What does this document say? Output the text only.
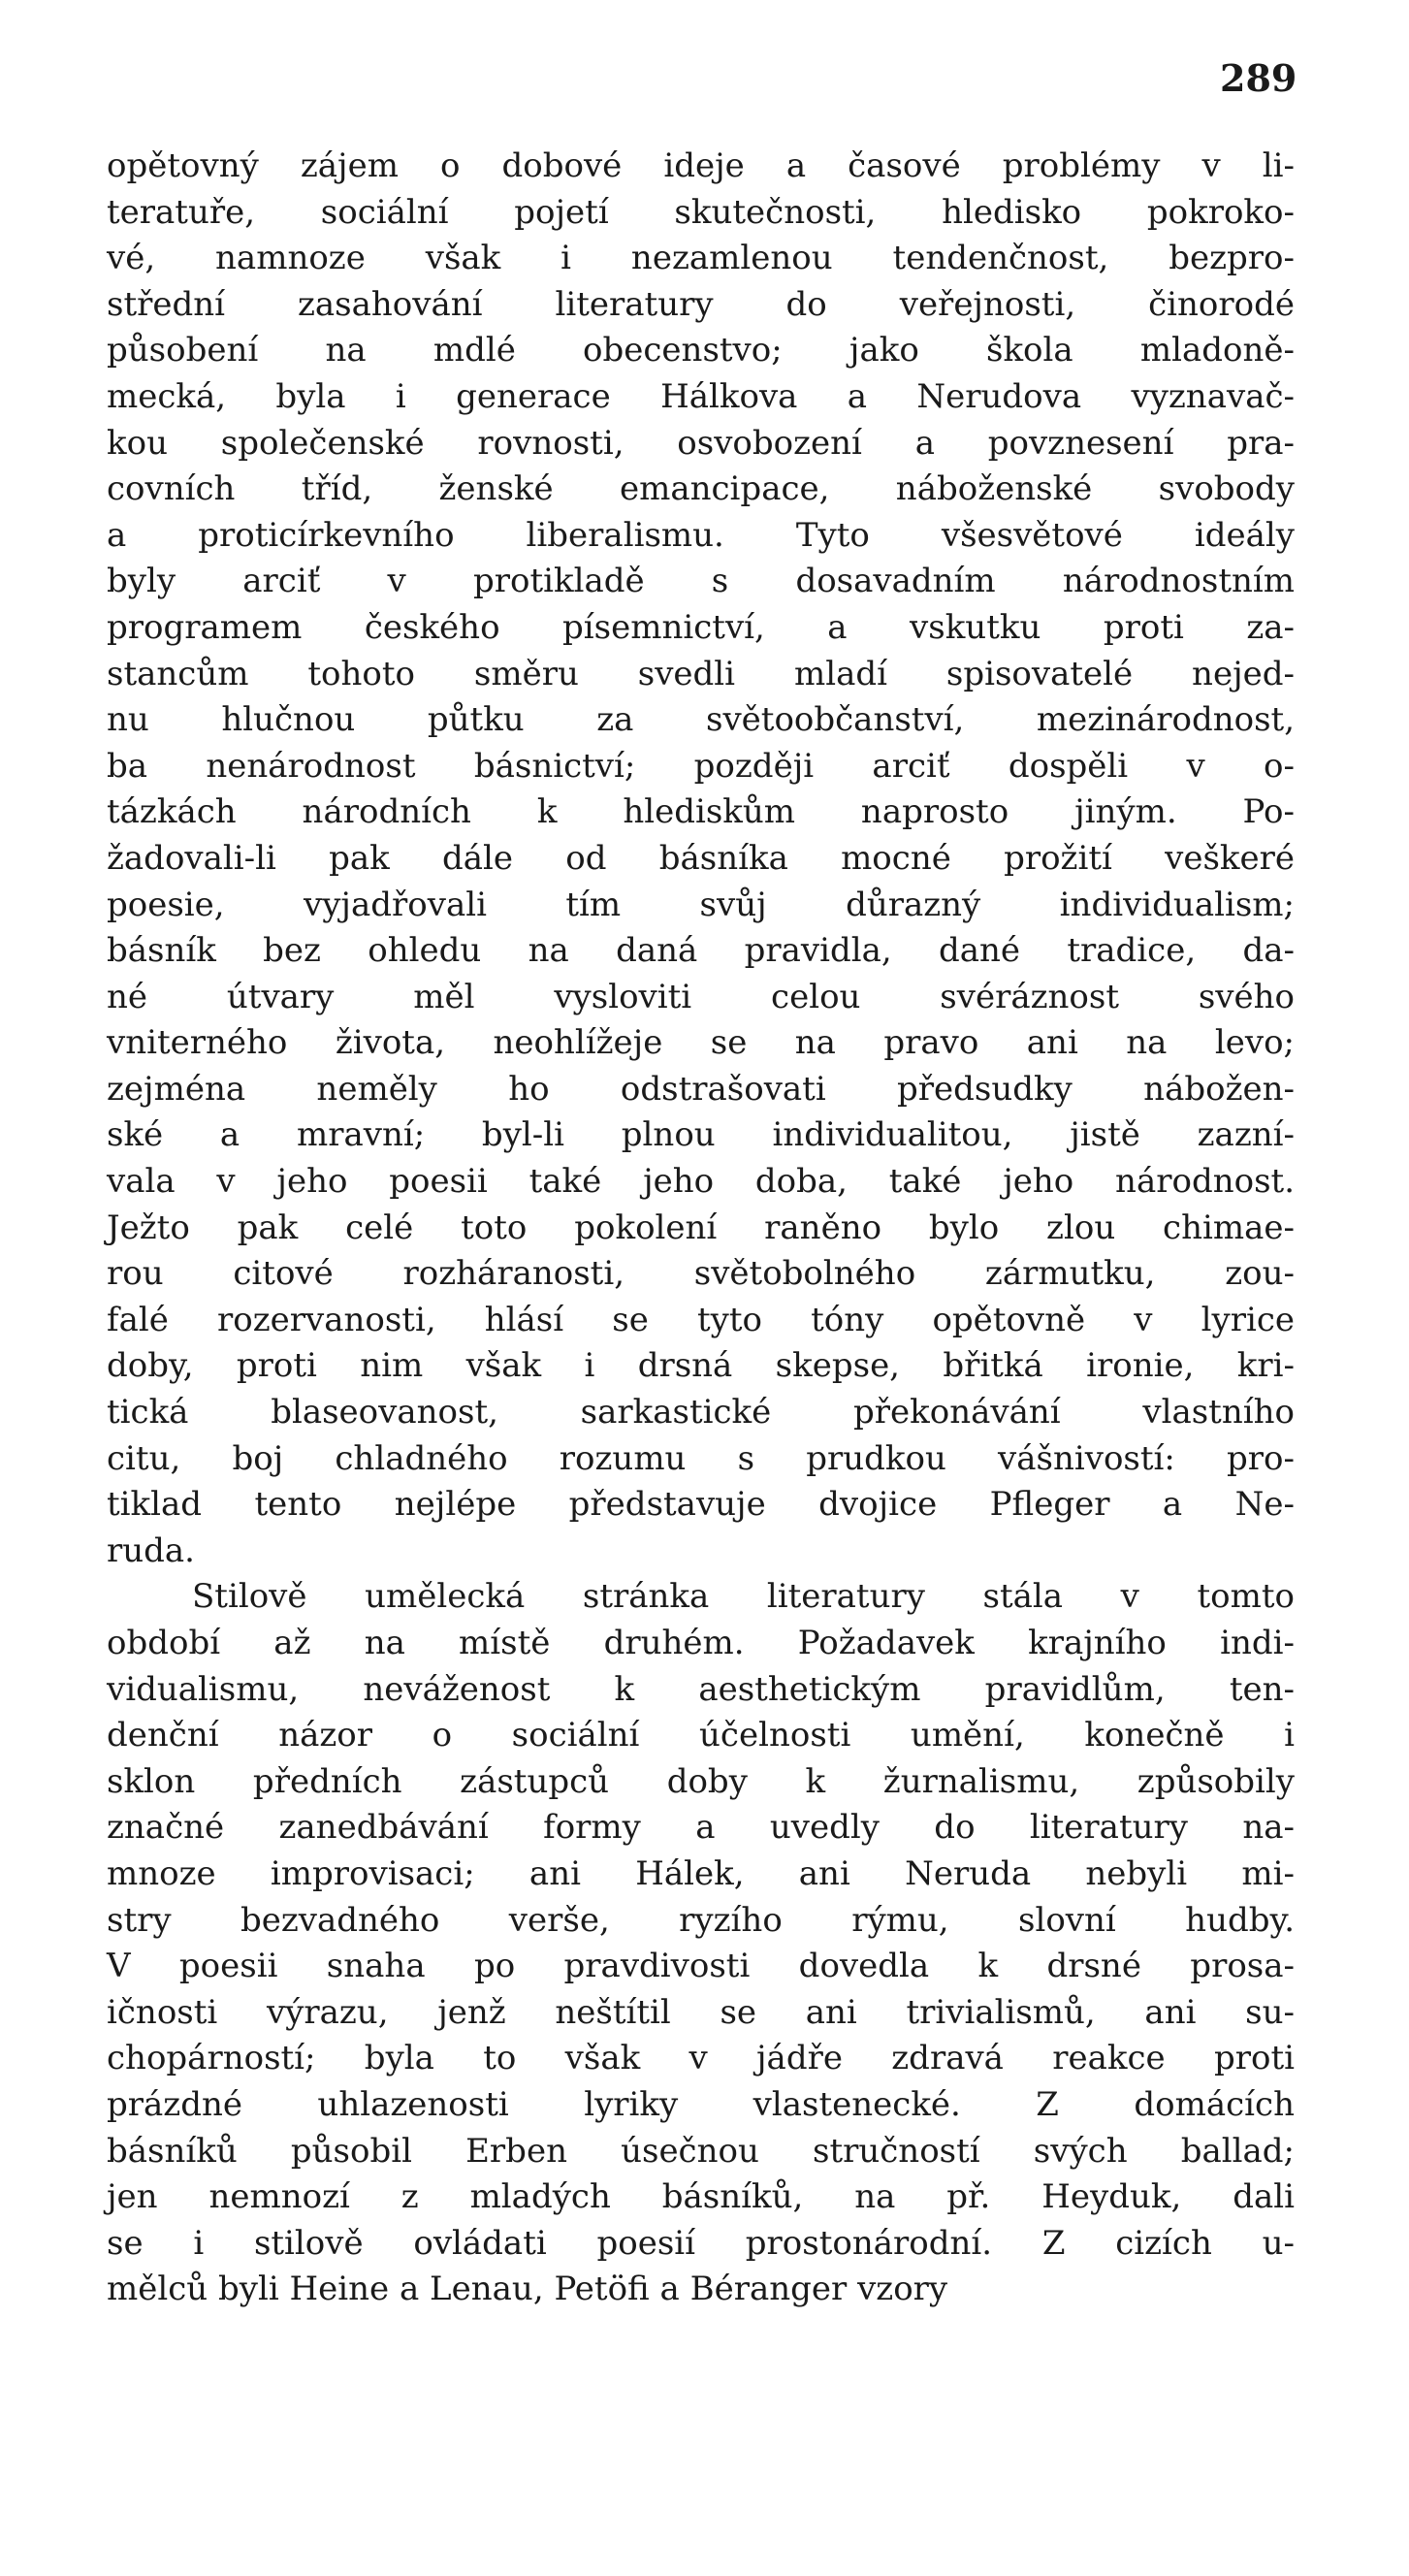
289
opětovný zájem o dobové ideje a časové problémy v li-
teratuře, sociální pojetí skutečnosti, hledisko pokroko-
vé, namnoze však i nezamlenou tendenčnost, bezpro-
střední zasahování literatury do veřejnosti, činorodé
působení na mdlé obecenstvo; jako škola mladoně-
mecká, byla i generace Hálkova a Nerudova vyznavač-
kou společenské rovnosti, osvobození a povznesení pra-
covních tříd, ženské emancipace, náboženské svobody
a proticírkevního liberalismu. Tyto všesvětové ideály
byly arciť v protikladě s dosavadním národnostním
programem českého písemnictví, a vskutku proti za-
stancům tohoto směru svedli mladí spisovatelé nejed-
nu hlučnou půtku za světoobčanství, mezinárodnost,
ba nenárodnost básnictví; později arciť dospěli v o-
tázkách národních k hlediskům naprosto jiným. Po-
žadovali-li pak dále od básníka mocné prožití veškeré
poesie, vyjadřovali tím svůj důrazný individualism;
básník bez ohledu na daná pravidla, dané tradice, da-
né útvary měl vysloviti celou svéráznost svého
vniterného života, neohlížeje se na pravo ani na levo;
zejména neměly ho odstrašovati předsudky nábožen-
ské a mravní; byl-li plnou individualitou, jistě zazní-
vala v jeho poesii také jeho doba, také jeho národnost.
Ježto pak celé toto pokolení raněno bylo zlou chimae-
rou citové rozháranosti, světobolného zármutku, zou-
falé rozervanosti, hlásí se tyto tóny opětovně v lyrice
doby, proti nim však i drsná skepse, břitká ironie, kri-
tická blaseovanost, sarkastické překonávání vlastního
citu, boj chladného rozumu s prudkou vášnivostí: pro-
tiklad tento nejlépe představuje dvojice Pfleger a Ne-
ruda.
Stilově umělecká stránka literatury stála v tomto
období až na místě druhém. Požadavek krajního indi-
vidualismu, neváženost k aesthetickým pravidlům, ten-
denční názor o sociální účelnosti umění, konečně i
sklon předních zástupců doby k žurnalismu, způsobily
značné zanedbávání formy a uvedly do literatury na-
mnoze improvisaci; ani Hálek, ani Neruda nebyli mi-
stry bezvadného verše, ryzího rýmu, slovní hudby.
V poesii snaha po pravdivosti dovedla k drsné prosa-
ičnosti výrazu, jenž neštítil se ani trivialismů, ani su-
chopárností; byla to však v jádře zdravá reakce proti
prázdné uhlazenosti lyriky vlastenecké. Z domácích
básníků působil Erben úsečnou stručností svých ballad;
jen nemnozí z mladých básníků, na př. Heyduk, dali
se i stilově ovládati poesií prostonárodní. Z cizích u-
mělců byli Heine a Lenau, Petöfi a Béranger vzory
